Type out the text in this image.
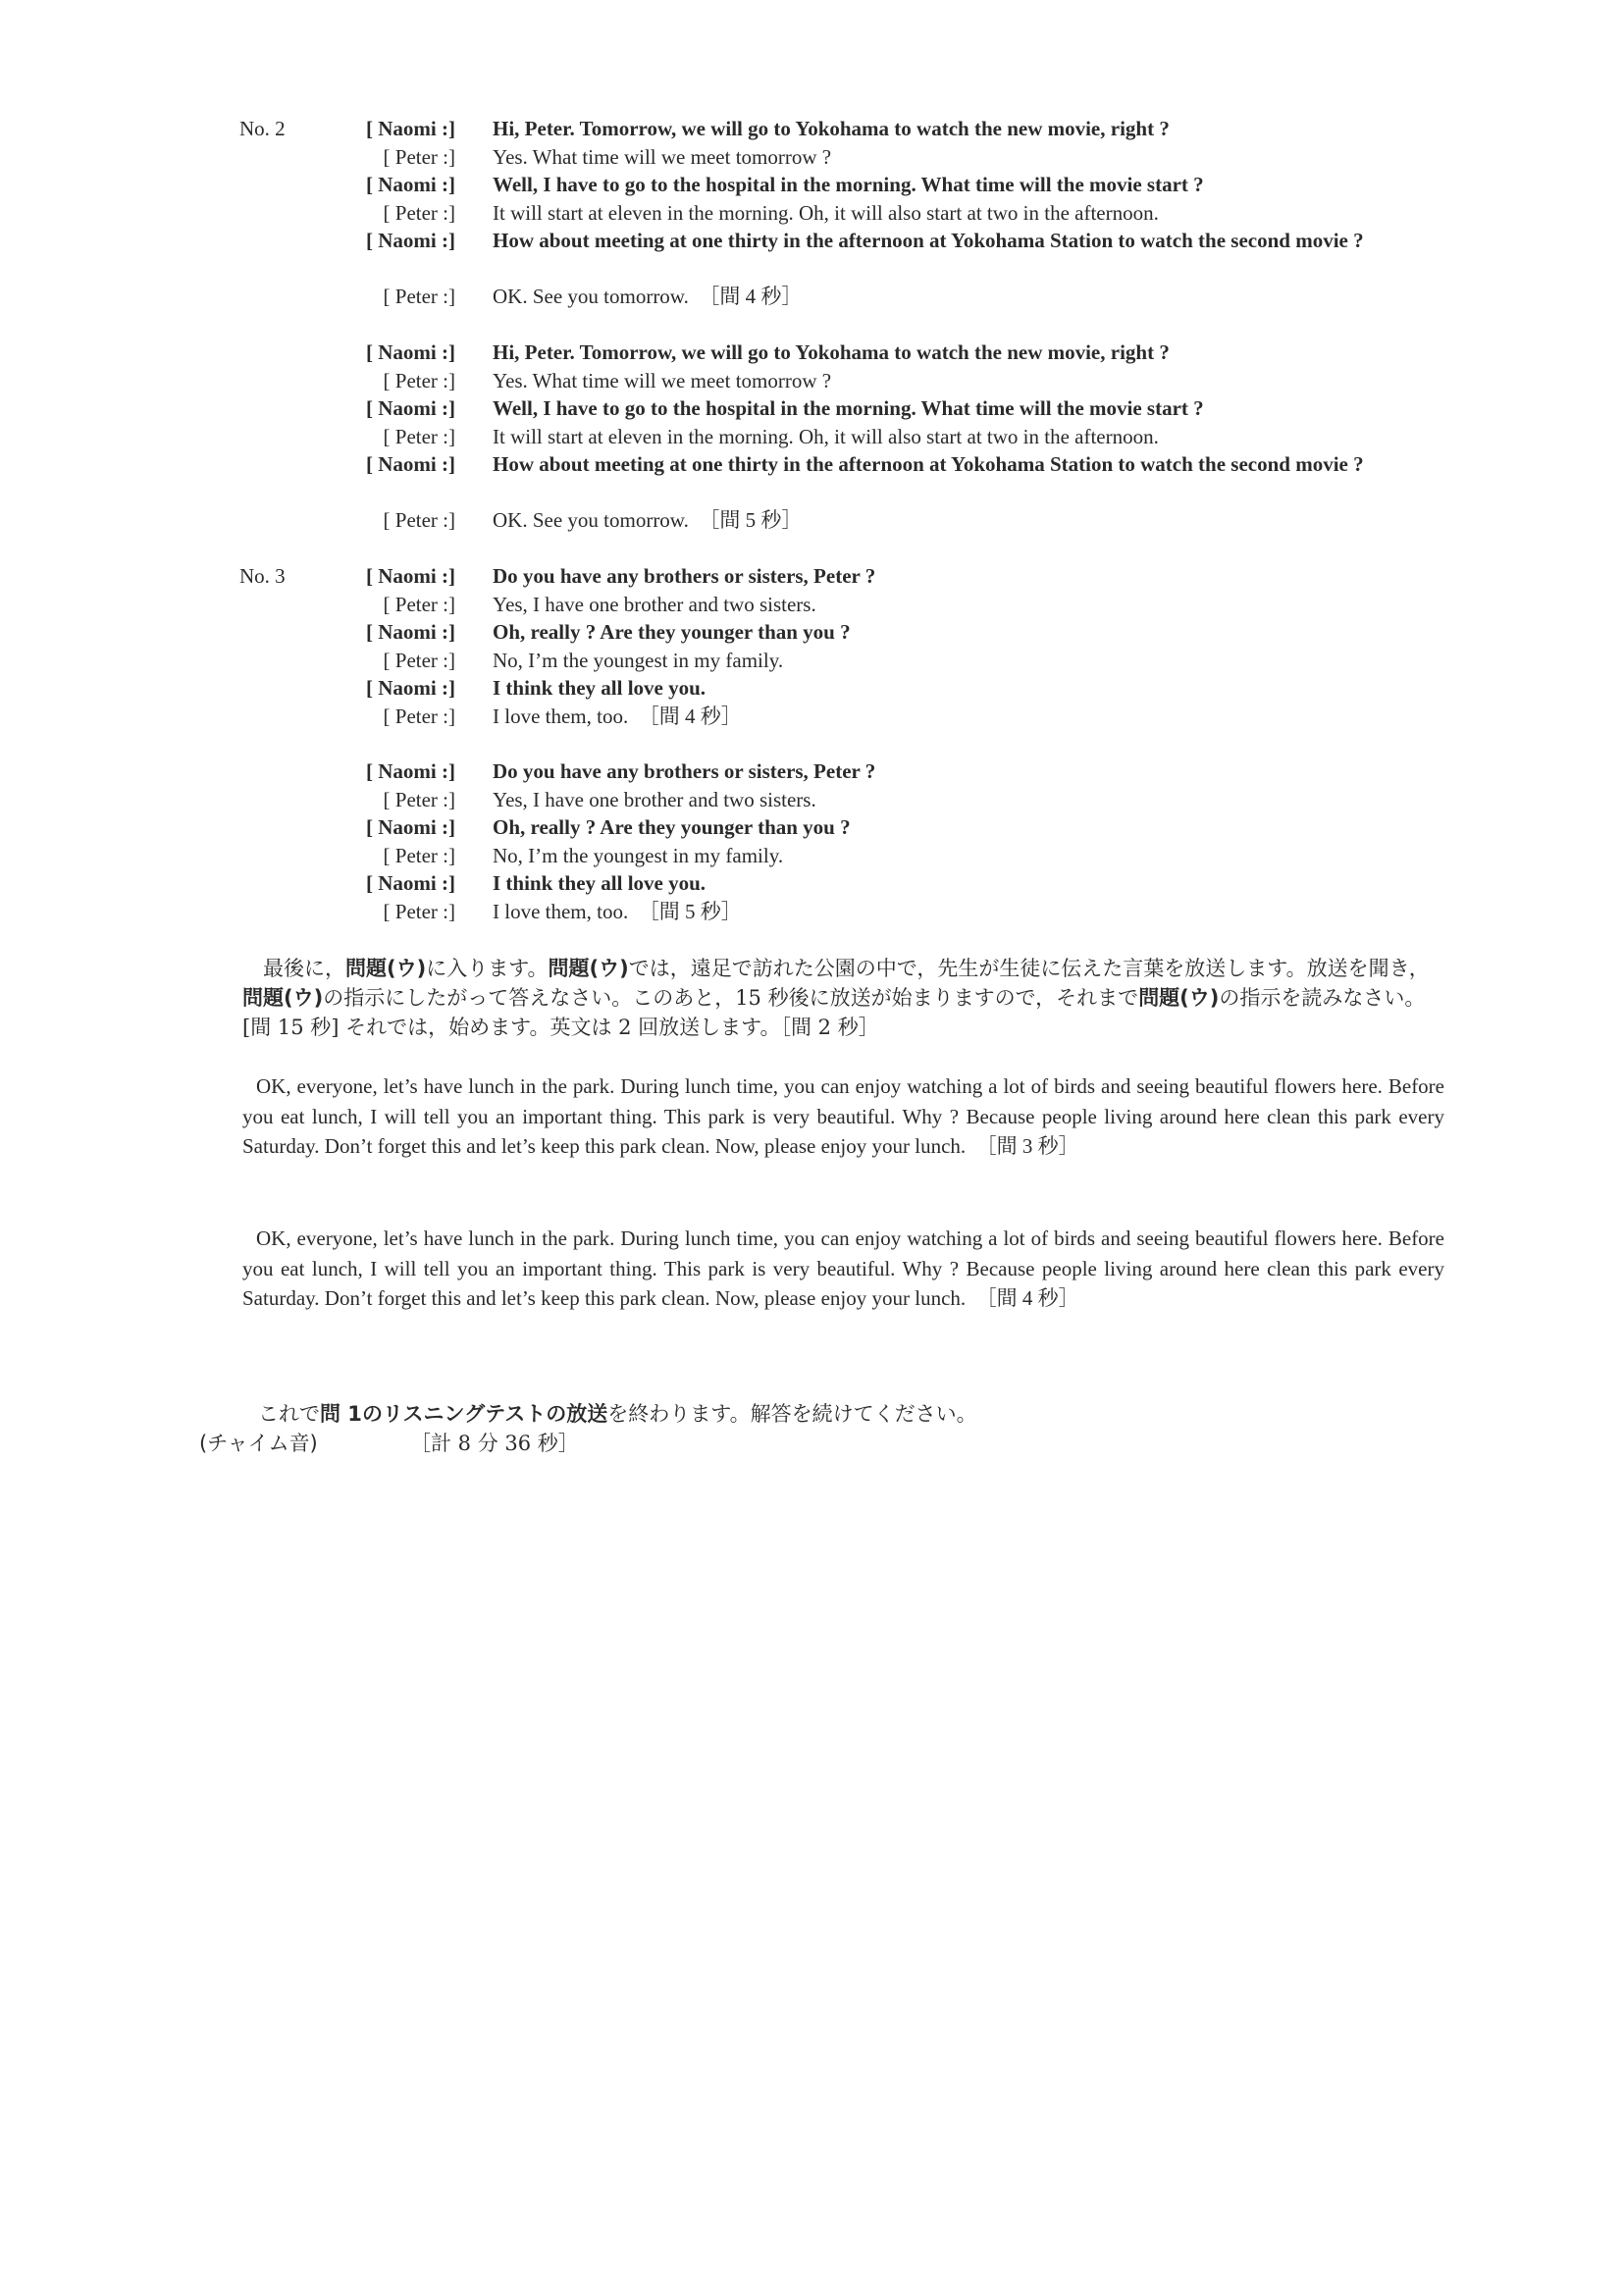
No. 2	[ Naomi :] Hi, Peter. Tomorrow, we will go to Yokohama to watch the new movie, right ?
[ Peter :] Yes. What time will we meet tomorrow ?
[ Naomi :] Well, I have to go to the hospital in the morning. What time will the movie start ?
[ Peter :] It will start at eleven in the morning. Oh, it will also start at two in the afternoon.
[ Naomi :] How about meeting at one thirty in the afternoon at Yokohama Station to watch the second movie ?
[ Peter :] OK. See you tomorrow. ［間 4 秒］
[ Naomi :] Hi, Peter. Tomorrow, we will go to Yokohama to watch the new movie, right ?
[ Peter :] Yes. What time will we meet tomorrow ?
[ Naomi :] Well, I have to go to the hospital in the morning. What time will the movie start ?
[ Peter :] It will start at eleven in the morning. Oh, it will also start at two in the afternoon.
[ Naomi :] How about meeting at one thirty in the afternoon at Yokohama Station to watch the second movie ?
[ Peter :] OK. See you tomorrow. ［間 5 秒］
No. 3	[ Naomi :] Do you have any brothers or sisters, Peter ?
[ Peter :] Yes, I have one brother and two sisters.
[ Naomi :] Oh, really ? Are they younger than you ?
[ Peter :] No, I’m the youngest in my family.
[ Naomi :] I think they all love you.
[ Peter :] I love them, too. ［間 4 秒］
[ Naomi :] Do you have any brothers or sisters, Peter ?
[ Peter :] Yes, I have one brother and two sisters.
[ Naomi :] Oh, really ? Are they younger than you ?
[ Peter :] No, I’m the youngest in my family.
[ Naomi :] I think they all love you.
[ Peter :] I love them, too. ［間 5 秒］
最後に，問題(ウ)に入ります。問題(ウ)では，遠足で訪れた公園の中で，先生が生徒に伝えた言葉を放送します。放送を聞き，問題(ウ)の指示にしたがって答えなさい。このあと，15 秒後に放送が始まりますので，それまで問題(ウ)の指示を読みなさい。[間 15 秒] それでは，始めます。英文は 2 回放送します。［間 2 秒］
OK, everyone, let’s have lunch in the park. During lunch time, you can enjoy watching a lot of birds and seeing beautiful flowers here. Before you eat lunch, I will tell you an important thing. This park is very beautiful. Why ? Because people living around here clean this park every Saturday. Don’t forget this and let’s keep this park clean. Now, please enjoy your lunch. ［間 3 秒］
OK, everyone, let’s have lunch in the park. During lunch time, you can enjoy watching a lot of birds and seeing beautiful flowers here. Before you eat lunch, I will tell you an important thing. This park is very beautiful. Why ? Because people living around here clean this park every Saturday. Don’t forget this and let’s keep this park clean. Now, please enjoy your lunch. ［間 4 秒］
これで問 1のリスニングテストの放送を終わります。解答を続けてください。
(チャイム音)	［計 8 分 36 秒］
